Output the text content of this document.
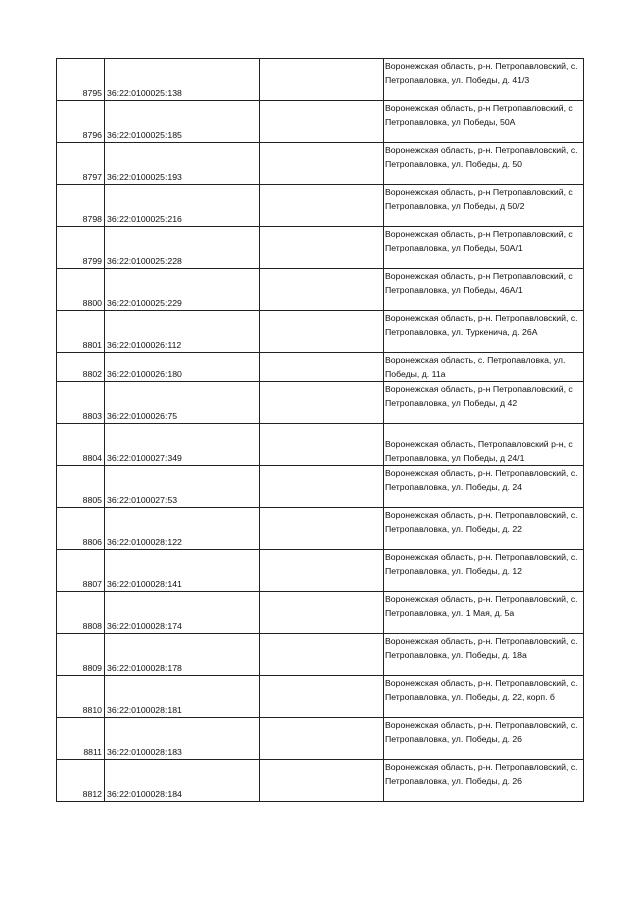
8795	36:22:0100025:138		Воронежская область, р-н. Петропавловский, с. Петропавловка, ул. Победы, д. 41/3
8796	36:22:0100025:185		Воронежская область, р-н Петропавловский, с Петропавловка, ул Победы, 50А
8797	36:22:0100025:193		Воронежская область, р-н. Петропавловский, с. Петропавловка, ул. Победы, д. 50
8798	36:22:0100025:216		Воронежская область, р-н Петропавловский, с Петропавловка, ул Победы, д 50/2
8799	36:22:0100025:228		Воронежская область, р-н Петропавловский, с Петропавловка, ул Победы, 50А/1
8800	36:22:0100025:229		Воронежская область, р-н Петропавловский, с Петропавловка, ул Победы, 46А/1
8801	36:22:0100026:112		Воронежская область, р-н. Петропавловский, с. Петропавловка, ул. Туркенича, д. 26А
8802	36:22:0100026:180		Воронежская область, с. Петропавловка, ул. Победы, д. 11а
8803	36:22:0100026:75		Воронежская область, р-н Петропавловский, с Петропавловка, ул Победы, д 42
8804	36:22:0100027:349		Воронежская область, Петропавловский р-н, с Петропавловка, ул Победы, д 24/1
8805	36:22:0100027:53		Воронежская область, р-н. Петропавловский, с. Петропавловка, ул. Победы, д. 24
8806	36:22:0100028:122		Воронежская область, р-н. Петропавловский, с. Петропавловка, ул. Победы, д. 22
8807	36:22:0100028:141		Воронежская область, р-н. Петропавловский, с. Петропавловка, ул. Победы, д. 12
8808	36:22:0100028:174		Воронежская область, р-н. Петропавловский, с. Петропавловка, ул. 1 Мая, д. 5а
8809	36:22:0100028:178		Воронежская область, р-н. Петропавловский, с. Петропавловка, ул. Победы, д. 18а
8810	36:22:0100028:181		Воронежская область, р-н. Петропавловский, с. Петропавловка, ул. Победы, д. 22, корп. б
8811	36:22:0100028:183		Воронежская область, р-н. Петропавловский, с. Петропавловка, ул. Победы, д. 26
8812	36:22:0100028:184		Воронежская область, р-н. Петропавловский, с. Петропавловка, ул. Победы, д. 26
